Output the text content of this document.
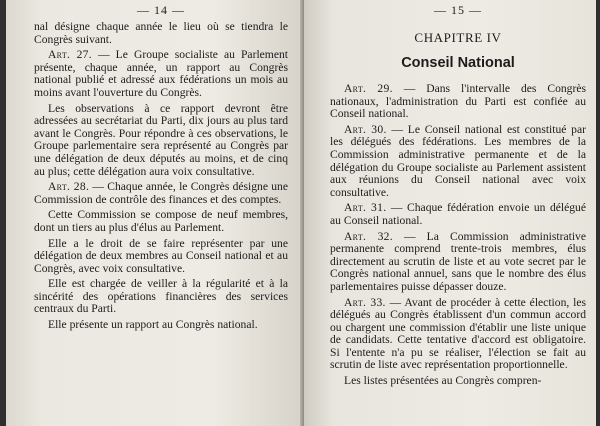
— 14 —

nal désigne chaque année le lieu où se tiendra le Congrès suivant.

Art. 27. — Le Groupe socialiste au Parlement présente, chaque année, un rapport au Congrès national publié et adressé aux fédérations un mois au moins avant l'ouverture du Congrès.

Les observations à ce rapport devront être adressées au secrétariat du Parti, dix jours au plus tard avant le Congrès. Pour répondre à ces observations, le Groupe parlementaire sera représenté au Congrès par une délégation de deux députés au moins, et de cinq au plus; cette délégation aura voix consultative.

Art. 28. — Chaque année, le Congrès désigne une Commission de contrôle des finances et des comptes.

Cette Commission se compose de neuf membres, dont un tiers au plus d'élus au Parlement.

Elle a le droit de se faire représenter par une délégation de deux membres au Conseil national et au Congrès, avec voix consultative.

Elle est chargée de veiller à la régularité et à la sincérité des opérations financières des services centraux du Parti.

Elle présente un rapport au Congrès national.

— 15 —
CHAPITRE IV
Conseil National

Art. 29. — Dans l'intervalle des Congrès nationaux, l'administration du Parti est confiée au Conseil national.

Art. 30. — Le Conseil national est constitué par les délégués des fédérations. Les membres de la Commission administrative permanente et de la délégation du Groupe socialiste au Parlement assistent aux réunions du Conseil national avec voix consultative.

Art. 31. — Chaque fédération envoie un délégué au Conseil national.

Art. 32. — La Commission administrative permanente comprend trente-trois membres, élus directement au scrutin de liste et au vote secret par le Congrès national annuel, sans que le nombre des élus parlementaires puisse dépasser douze.

Art. 33. — Avant de procéder à cette élection, les délégués au Congrès établissent d'un commun accord ou chargent une commission d'établir une liste unique de candidats. Cette tentative d'accord est obligatoire. Si l'entente n'a pu se réaliser, l'élection se fait au scrutin de liste avec représentation proportionnelle.

Les listes présentées au Congrès compren-
